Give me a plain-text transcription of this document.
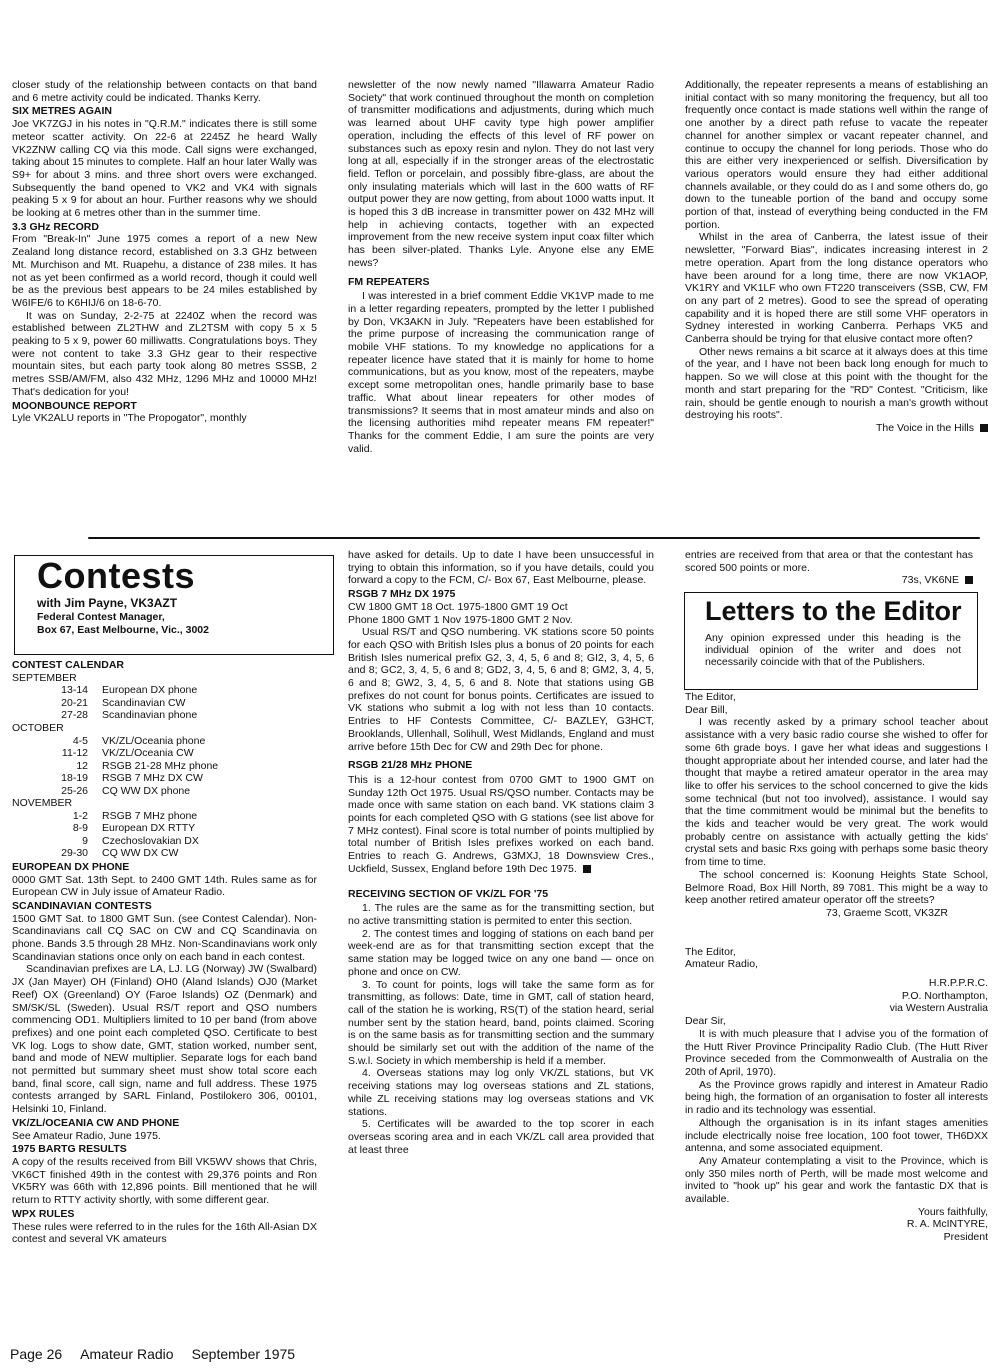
closer study of the relationship between contacts on that band and 6 metre activity could be indicated. Thanks Kerry.

SIX METRES AGAIN

Joe VK7ZGJ in his notes in "Q.R.M." indicates there is still some meteor scatter activity. On 22-6 at 2245Z he heard Wally VK2ZNW calling CQ via this mode. Call signs were exchanged, taking about 15 minutes to complete. Half an hour later Wally was S9+ for about 3 mins. and three short overs were exchanged. Subsequently the band opened to VK2 and VK4 with signals peaking 5 x 9 for about an hour. Further reasons why we should be looking at 6 metres other than in the summer time.

3.3 GHz RECORD

From "Break-In" June 1975 comes a report of a new New Zealand long distance record, established on 3.3 GHz between Mt. Murchison and Mt. Ruapehu, a distance of 238 miles. It has not as yet been confirmed as a world record, though it could well be as the previous best appears to be 24 miles established by W6IFE/6 to K6HIJ/6 on 18-6-70.

It was on Sunday, 2-2-75 at 2240Z when the record was established between ZL2THW and ZL2TSM with copy 5 x 5 peaking to 5 x 9, power 60 milliwatts. Congratulations boys. They were not content to take 3.3 GHz gear to their respective mountain sites, but each party took along 80 metres SSSB, 2 metres SSB/AM/FM, also 432 MHz, 1296 MHz and 10000 MHz! That's dedication for you!

MOONBOUNCE REPORT

Lyle VK2ALU reports in "The Propogator", monthly

newsletter of the now newly named "Illawarra Amateur Radio Society" that work continued throughout the month on completion of transmitter modifications and adjustments, during which much was learned about UHF cavity type high power amplifier operation, including the effects of this level of RF power on substances such as epoxy resin and nylon. They do not last very long at all, especially if in the stronger areas of the electrostatic field. Teflon or porcelain, and possibly fibre-glass, are about the only insulating materials which will last in the 600 watts of RF output power they are now getting, from about 1000 watts input. It is hoped this 3 dB increase in transmitter power on 432 MHz will help in achieving contacts, together with an expected improvement from the new receive system input coax filter which has been silver-plated. Thanks Lyle. Anyone else any EME news?

FM REPEATERS

I was interested in a brief comment Eddie VK1VP made to me in a letter regarding repeaters, prompted by the letter I published by Don, VK3AKN in July. "Repeaters have been established for the prime purpose of increasing the communication range of mobile VHF stations. To my knowledge no applications for a repeater licence have stated that it is mainly for home to home communications, but as you know, most of the repeaters, maybe except some metropolitan ones, handle primarily base to base traffic. What about linear repeaters for other modes of transmissions? It seems that in most amateur minds and also on the licensing authorities mihd repeater means FM repeater!" Thanks for the comment Eddie, I am sure the points are very valid.

Additionally, the repeater represents a means of establishing an initial contact with so many monitoring the frequency, but all too frequently once contact is made stations well within the range of one another by a direct path refuse to vacate the repeater channel for another simplex or vacant repeater channel, and continue to occupy the channel for long periods. Those who do this are either very inexperienced or selfish. Diversification by various operators would ensure they had either additional channels available, or they could do as I and some others do, go down to the tuneable portion of the band and occupy some portion of that, instead of everything being conducted in the FM portion.

Whilst in the area of Canberra, the latest issue of their newsletter, "Forward Bias", indicates increasing interest in 2 metre operation. Apart from the long distance operators who have been around for a long time, there are now VK1AOP, VK1RY and VK1LF who own FT220 transceivers (SSB, CW, FM on any part of 2 metres). Good to see the spread of operating capability and it is hoped there are still some VHF operators in Sydney interested in working Canberra. Perhaps VK5 and Canberra should be trying for that elusive contact more often?

Other news remains a bit scarce at it always does at this time of the year, and I have not been back long enough for much to happen. So we will close at this point with the thought for the month and start preparing for the "RD" Contest. "Criticism, like rain, should be gentle enough to nourish a man's growth without destroying his roots".

The Voice in the Hills

Contests
with Jim Payne, VK3AZT
Federal Contest Manager,
Box 67, East Melbourne, Vic., 3002

CONTEST CALENDAR

SEPTEMBER

13-14	European DX phone
20-21	Scandinavian CW
27-28	Scandinavian phone

OCTOBER

4-5	VK/ZL/Oceania phone
11-12	VK/ZL/Oceania CW
12	RSGB 21-28 MHz phone
18-19	RSGB 7 MHz DX CW
25-26	CQ WW DX phone

NOVEMBER

1-2	RSGB 7 MHz phone
8-9	European DX RTTY
9	Czechoslovakian DX
29-30	CQ WW DX CW

EUROPEAN DX PHONE

0000 GMT Sat. 13th Sept. to 2400 GMT 14th. Rules same as for European CW in July issue of Amateur Radio.

SCANDINAVIAN CONTESTS

1500 GMT Sat. to 1800 GMT Sun. (see Contest Calendar). Non-Scandinavians call CQ SAC on CW and CQ Scandinavia on phone. Bands 3.5 through 28 MHz. Non-Scandinavians work only Scandinavian stations once only on each band in each contest.

Scandinavian prefixes are LA, LJ. LG (Norway) JW (Swalbard) JX (Jan Mayer) OH (Finland) OH0 (Aland Islands) OJ0 (Market Reef) OX (Greenland) OY (Faroe Islands) OZ (Denmark) and SM/SK/SL (Sweden). Usual RS/T report and QSO numbers commencing OD1. Multipliers limited to 10 per band (from above prefixes) and one point each completed QSO. Certificate to best VK log. Logs to show date, GMT, station worked, number sent, band and mode of NEW multiplier. Separate logs for each band not permitted but summary sheet must show total score each band, final score, call sign, name and full address. These 1975 contests arranged by SARL Finland, Postilokero 306, 00101, Helsinki 10, Finland.

VK/ZL/OCEANIA CW AND PHONE

See Amateur Radio, June 1975.

1975 BARTG RESULTS

A copy of the results received from Bill VK5WV shows that Chris, VK6CT finished 49th in the contest with 29,376 points and Ron VK5RY was 66th with 12,896 points. Bill mentioned that he will return to RTTY activity shortly, with some different gear.

WPX RULES

These rules were referred to in the rules for the 16th All-Asian DX contest and several VK amateurs

have asked for details. Up to date I have been unsuccessful in trying to obtain this information, so if you have details, could you forward a copy to the FCM, C/- Box 67, East Melbourne, please.

RSGB 7 MHz DX 1975

CW 1800 GMT 18 Oct. 1975-1800 GMT 19 Oct

Phone 1800 GMT 1 Nov 1975-1800 GMT 2 Nov.

Usual RS/T and QSO numbering. VK stations score 50 points for each QSO with British Isles plus a bonus of 20 points for each British Isles numerical prefix G2, 3, 4, 5, 6 and 8; GI2, 3, 4, 5, 6 and 8; GC2, 3, 4, 5, 6 and 8; GD2, 3, 4, 5, 6 and 8; GM2, 3, 4, 5, 6 and 8; GW2, 3, 4, 5, 6 and 8. Note that stations using GB prefixes do not count for bonus points. Certificates are issued to VK stations who submit a log with not less than 10 contacts. Entries to HF Contests Committee, C/- BAZLEY, G3HCT, Brooklands, Ullenhall, Solihull, West Midlands, England and must arrive before 15th Dec for CW and 29th Dec for phone.

RSGB 21/28 MHz PHONE

This is a 12-hour contest from 0700 GMT to 1900 GMT on Sunday 12th Oct 1975. Usual RS/QSO number. Contacts may be made once with same station on each band. VK stations claim 3 points for each completed QSO with G stations (see list above for 7 MHz contest). Final score is total number of points multiplied by total number of British Isles prefixes worked on each band. Entries to reach G. Andrews, G3MXJ, 18 Downsview Cres., Uckfield, Sussex, England before 19th Dec 1975.

RECEIVING SECTION OF VK/ZL FOR '75

1. The rules are the same as for the transmitting section, but no active transmitting station is permited to enter this section.

2. The contest times and logging of stations on each band per week-end are as for that transmitting section except that the same station may be logged twice on any one band — once on phone and once on CW.

3. To count for points, logs will take the same form as for transmitting, as follows: Date, time in GMT, call of station heard, call of the station he is working, RS(T) of the station heard, serial number sent by the station heard, band, points claimed. Scoring is on the same basis as for transmitting section and the summary should be similarly set out with the addition of the name of the S.w.l. Society in which membership is held if a member.

4. Overseas stations may log only VK/ZL stations, but VK receiving stations may log overseas stations and ZL stations, while ZL receiving stations may log overseas stations and VK stations.

5. Certificates will be awarded to the top scorer in each overseas scoring area and in each VK/ZL call area provided that at least three

entries are received from that area or that the contestant has scored 500 points or more.

73s, VK6NE

Letters to the Editor
Any opinion expressed under this heading is the individual opinion of the writer and does not necessarily coincide with that of the Publishers.

The Editor,

Dear Bill,

I was recently asked by a primary school teacher about assistance with a very basic radio course she wished to offer for some 6th grade boys. I gave her what ideas and suggestions I thought appropriate about her intended course, and later had the thought that maybe a retired amateur operator in the area may like to offer his services to the school concerned to give the kids some technical (but not too involved), assistance. I would say that the time commitment would be minimal but the benefits to the kids and teacher would be very great. The work would probably centre on assistance with actually getting the kids' crystal sets and basic Rxs going with perhaps some basic theory from time to time.

The school concerned is: Koonung Heights State School, Belmore Road, Box Hill North, 89 7081. This might be a way to keep another retired amateur operator off the streets?

73, Graeme Scott, VK3ZR

The Editor,

Amateur Radio,

H.R.P.P.R.C.

P.O. Northampton,

via Western Australia

Dear Sir,

It is with much pleasure that I advise you of the formation of the Hutt River Province Principality Radio Club. (The Hutt River Province seceded from the Commonwealth of Australia on the 20th of April, 1970).

As the Province grows rapidly and interest in Amateur Radio being high, the formation of an organisation to foster all interests in radio and its technology was essential.

Although the organisation is in its infant stages amenities include electrically noise free location, 100 foot tower, TH6DXX antenna, and some associated equipment.

Any Amateur contemplating a visit to the Province, which is only 350 miles north of Perth, will be made most welcome and invited to "hook up" his gear and work the fantastic DX that is available.

Yours faithfully,

R. A. McINTYRE,

President

Page 26 Amateur Radio September 1975
